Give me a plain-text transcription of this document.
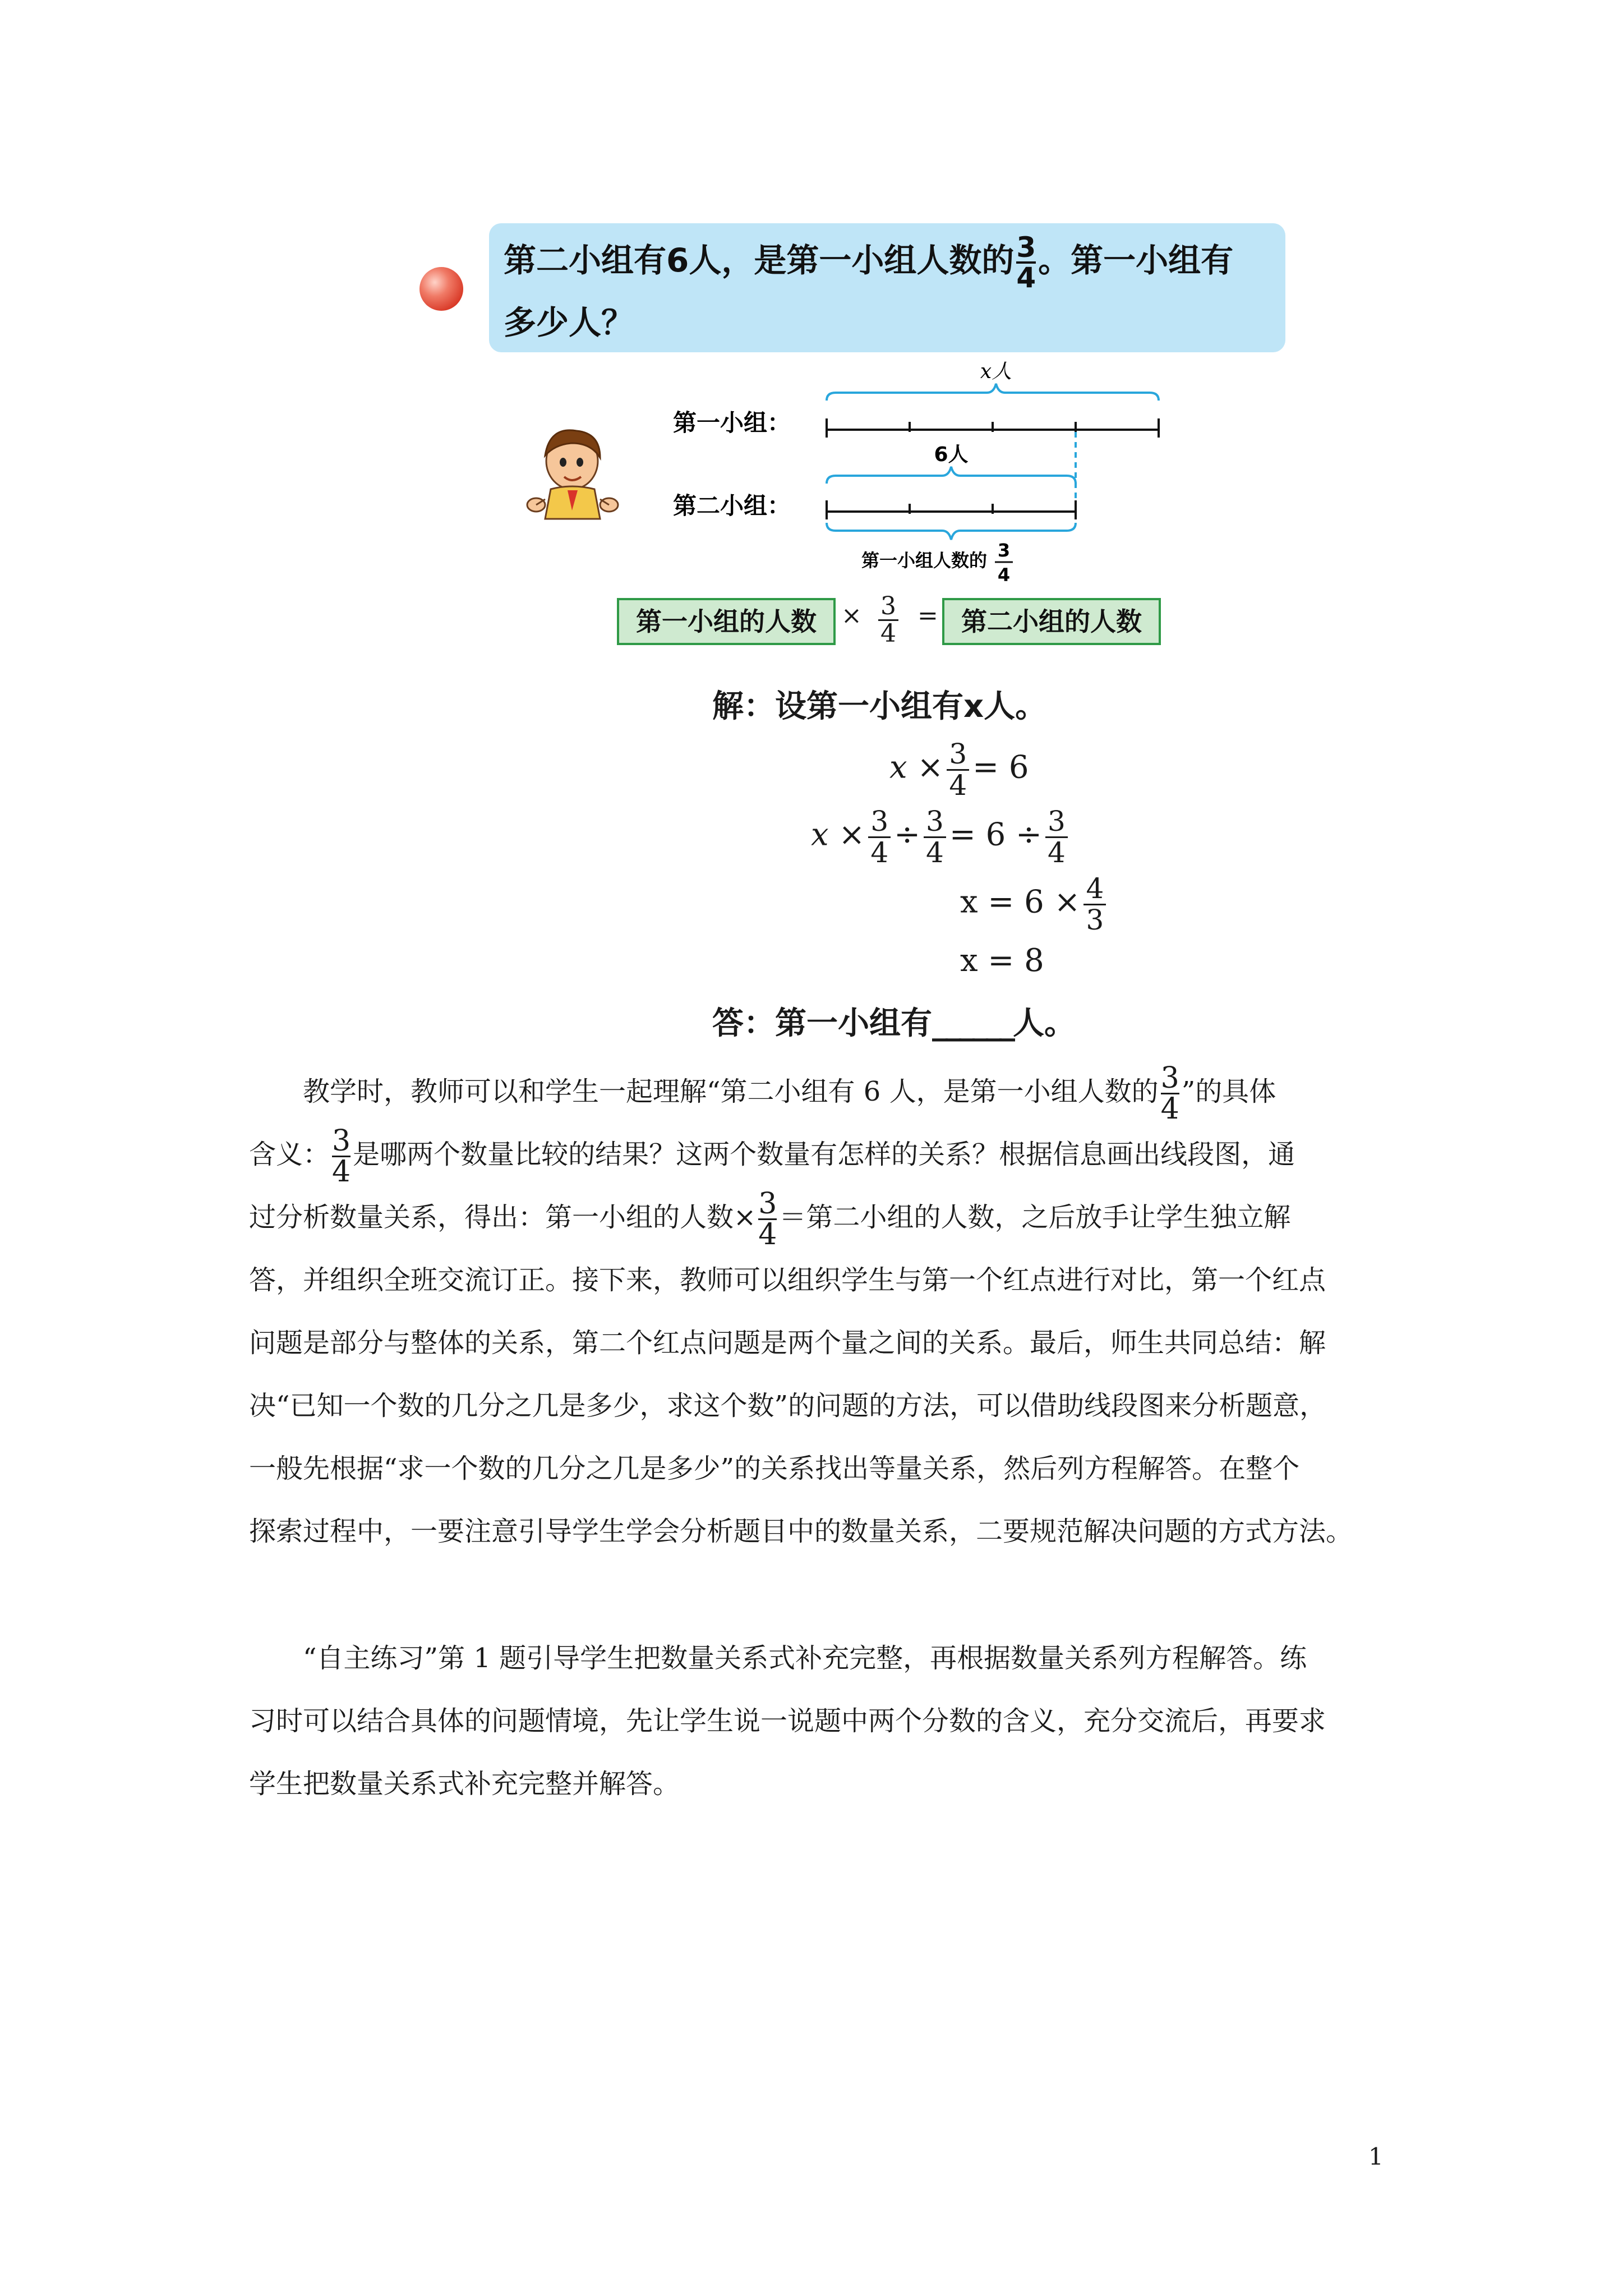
第二小组有6人，是第一小组人数的 $\frac{3}{4}$ 。第一小组有
多少人？
第一小组：
第二小组：
x人
6人
第一小组人数的 3
4
第一小组的人数	× $\frac{3}{4}$ = 第二小组的人数
解：设第一小组有x人。
$x \times \frac{3}{4} = 6$
$x \times \frac{3}{4} \div \frac{3}{4} = 6 \div \frac{3}{4}$
$x = 6 \times \frac{4}{3}$
x = 8
答：第一小组有______人。
教学时，教师可以和学生一起理解“第二小组有 6 人，是第一小组人数的 $\frac{3}{4}$ ”的具体
含义： $\frac{3}{4}$ 是哪两个数量比较的结果？这两个数量有怎样的关系？根据信息画出线段图，通
过分析数量关系，得出：第一小组的人数× $\frac{3}{4}$ ＝第二小组的人数，之后放手让学生独立解
答，并组织全班交流订正。接下来，教师可以组织学生与第一个红点进行对比，第一个红点
问题是部分与整体的关系，第二个红点问题是两个量之间的关系。最后，师生共同总结：解
决“已知一个数的几分之几是多少，求这个数”的问题的方法，可以借助线段图来分析题意，
一般先根据“求一个数的几分之几是多少”的关系找出等量关系，然后列方程解答。在整个
探索过程中，一要注意引导学生学会分析题目中的数量关系，二要规范解决问题的方式方法。
“自主练习”第 1 题引导学生把数量关系式补充完整，再根据数量关系列方程解答。练
习时可以结合具体的问题情境，先让学生说一说题中两个分数的含义，充分交流后，再要求
学生把数量关系式补充完整并解答。
1
